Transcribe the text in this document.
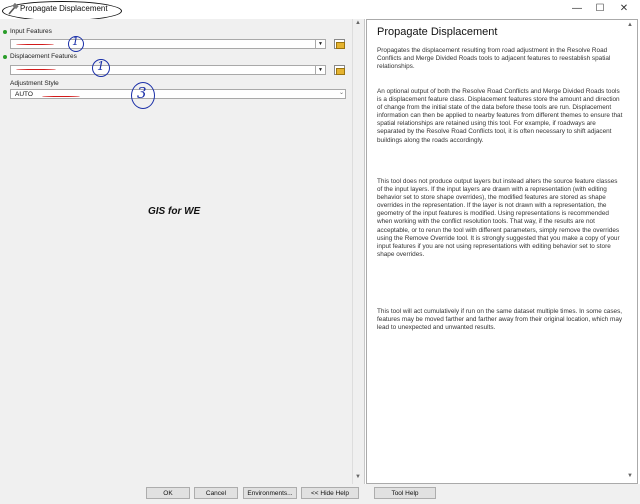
Propagate Displacement	—	☐	✕
Input Features
▼
1
Displacement Features
▼
1
Adjustment Style
AUTO	⌄
3
GIS for WE
▲
▼
Propagate Displacement

Propagates the displacement resulting from road adjustment in the Resolve Road Conflicts and Merge Divided Roads tools to adjacent features to reestablish spatial relationships.

An optional output of both the Resolve Road Conflicts and Merge Divided Roads tools is a displacement feature class. Displacement features store the amount and direction of change from the initial state of the data before these tools are run. Displacement information can then be applied to nearby features from different themes to ensure that spatial relationships are retained using this tool. For example, if roadways are separated by the Resolve Road Conflicts tool, it is often necessary to shift adjacent buildings along the roads accordingly.

This tool does not produce output layers but instead alters the source feature classes of the input layers. If the input layers are drawn with a representation (with editing behavior set to store shape overrides), the modified features are stored as shape overrides in the representation. If the layer is not drawn with a representation, the geometry of the input features is modified. Using representations is recommended when working with the conflict resolution tools. That way, if the results are not acceptable, or to rerun the tool with different parameters, simply remove the overrides using the Remove Override tool. It is strongly suggested that you make a copy of your input features if you are not using representations with editing behavior set to store shape overrides.

This tool will act cumulatively if run on the same dataset multiple times. In some cases, features may be moved farther and farther away from their original location, which may lead to unexpected and unwanted results.

▲
▼
OK	Cancel	Environments...	<< Hide Help	Tool Help
